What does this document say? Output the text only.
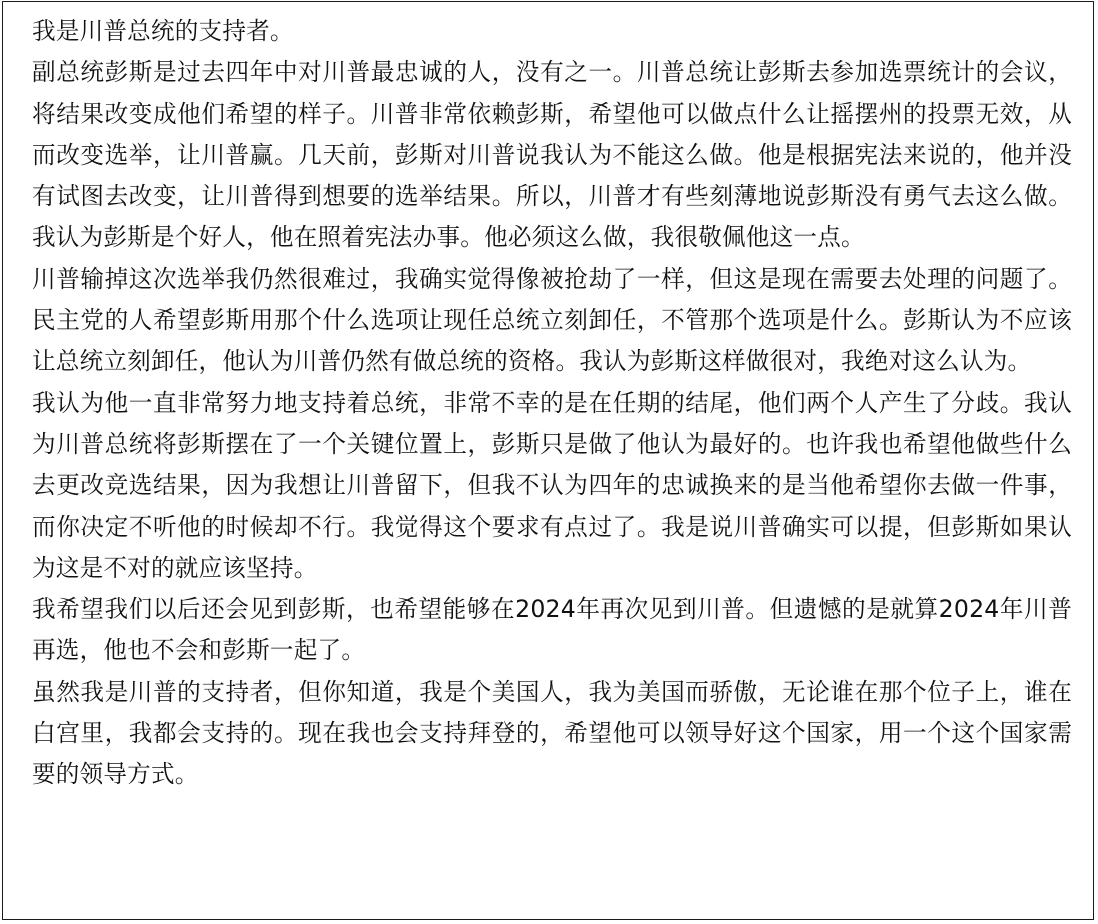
我是川普总统的支持者。

副总统彭斯是过去四年中对川普最忠诚的人，没有之一。川普总统让彭斯去参加选票统计的会议，将结果改变成他们希望的样子。川普非常依赖彭斯，希望他可以做点什么让摇摆州的投票无效，从而改变选举，让川普赢。几天前，彭斯对川普说我认为不能这么做。他是根据宪法来说的，他并没有试图去改变，让川普得到想要的选举结果。所以，川普才有些刻薄地说彭斯没有勇气去这么做。我认为彭斯是个好人，他在照着宪法办事。他必须这么做，我很敬佩他这一点。

川普输掉这次选举我仍然很难过，我确实觉得像被抢劫了一样，但这是现在需要去处理的问题了。民主党的人希望彭斯用那个什么选项让现任总统立刻卸任，不管那个选项是什么。彭斯认为不应该让总统立刻卸任，他认为川普仍然有做总统的资格。我认为彭斯这样做很对，我绝对这么认为。

我认为他一直非常努力地支持着总统，非常不幸的是在任期的结尾，他们两个人产生了分歧。我认为川普总统将彭斯摆在了一个关键位置上，彭斯只是做了他认为最好的。也许我也希望他做些什么去更改竞选结果，因为我想让川普留下，但我不认为四年的忠诚换来的是当他希望你去做一件事，而你决定不听他的时候却不行。我觉得这个要求有点过了。我是说川普确实可以提，但彭斯如果认为这是不对的就应该坚持。

我希望我们以后还会见到彭斯，也希望能够在2024年再次见到川普。但遗憾的是就算2024年川普再选，他也不会和彭斯一起了。

虽然我是川普的支持者，但你知道，我是个美国人，我为美国而骄傲，无论谁在那个位子上，谁在白宫里，我都会支持的。现在我也会支持拜登的，希望他可以领导好这个国家，用一个这个国家需要的领导方式。
